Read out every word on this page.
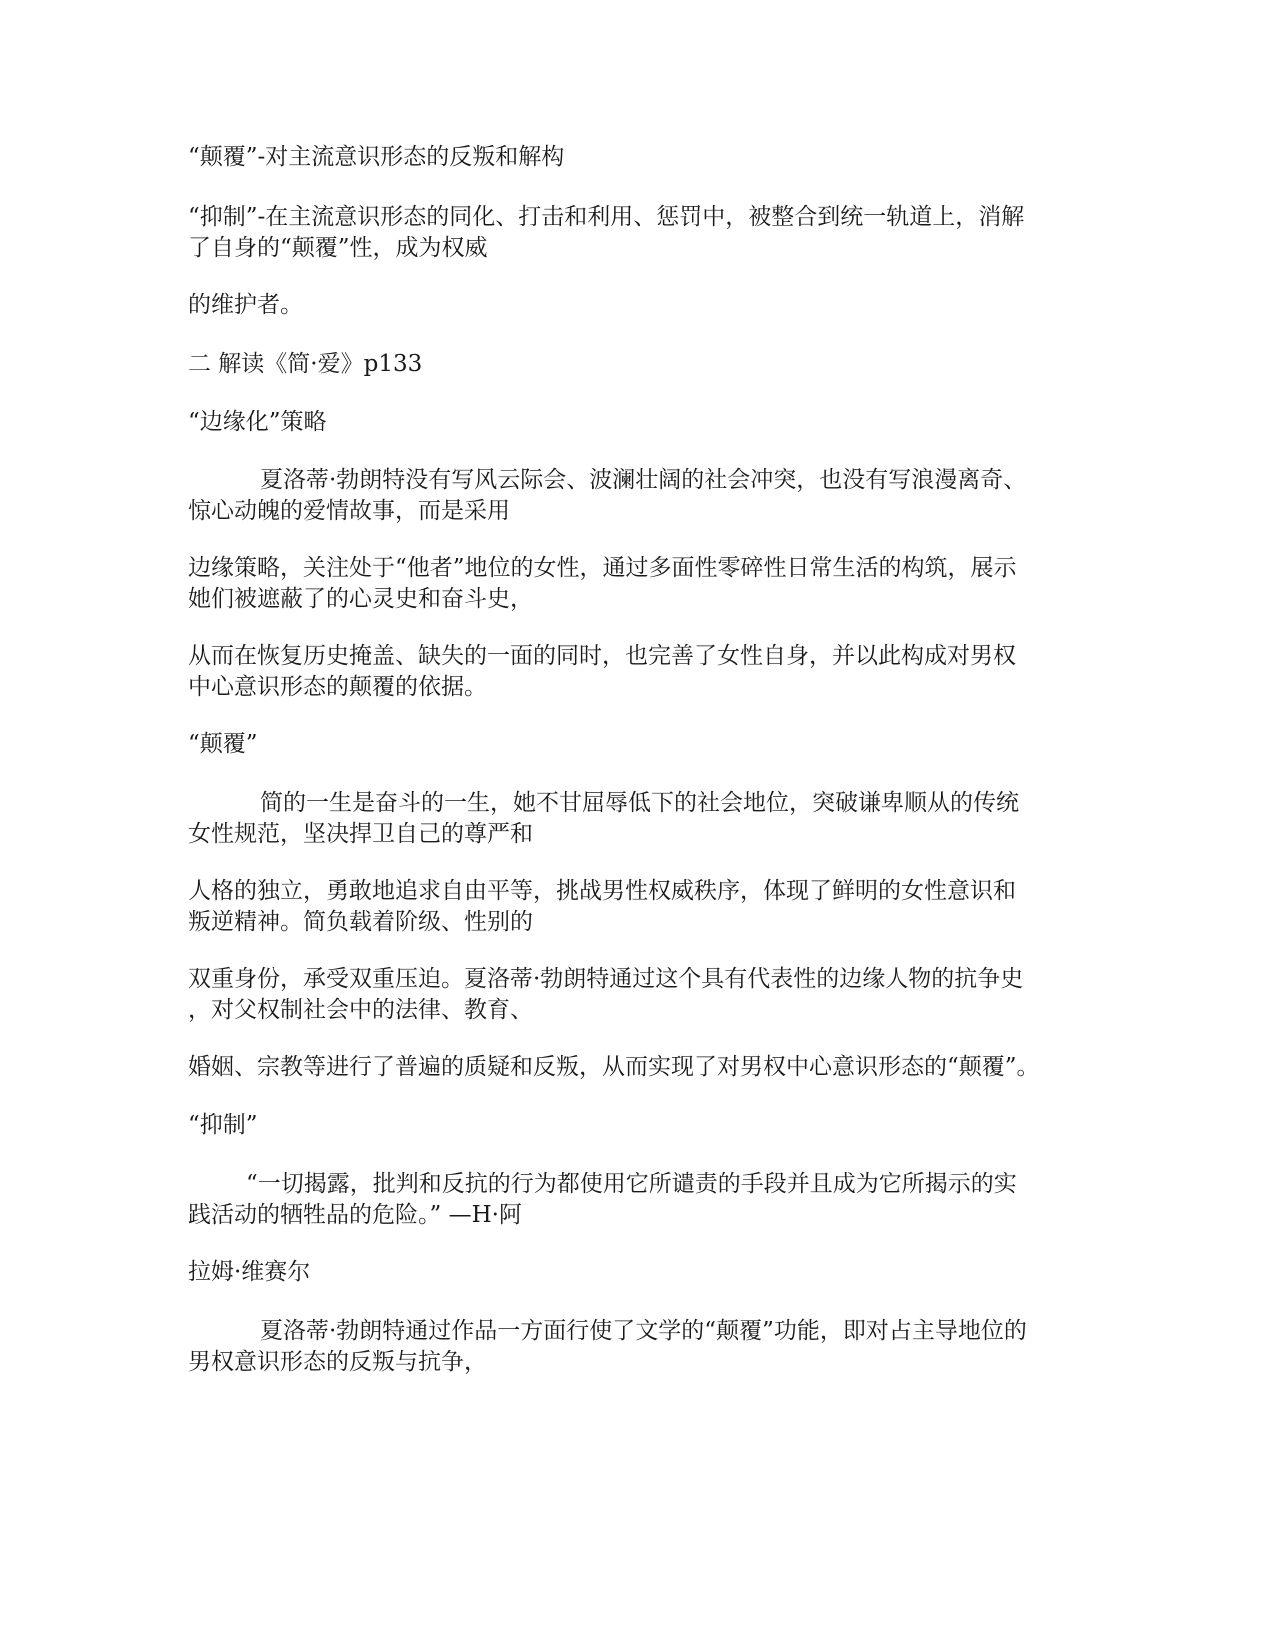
“颠覆”-对主流意识形态的反叛和解构

“抑制”-在主流意识形态的同化、打击和利用、惩罚中，被整合到统一轨道上，消解
了自身的“颠覆”性，成为权威

的维护者。

二 解读《简·爱》p133

“边缘化”策略

夏洛蒂·勃朗特没有写风云际会、波澜壮阔的社会冲突，也没有写浪漫离奇、
惊心动魄的爱情故事，而是采用

边缘策略，关注处于“他者”地位的女性，通过多面性零碎性日常生活的构筑，展示
她们被遮蔽了的心灵史和奋斗史，

从而在恢复历史掩盖、缺失的一面的同时，也完善了女性自身，并以此构成对男权
中心意识形态的颠覆的依据。

“颠覆”

简的一生是奋斗的一生，她不甘屈辱低下的社会地位，突破谦卑顺从的传统
女性规范，坚决捍卫自己的尊严和

人格的独立，勇敢地追求自由平等，挑战男性权威秩序，体现了鲜明的女性意识和
叛逆精神。简负载着阶级、性别的

双重身份，承受双重压迫。夏洛蒂·勃朗特通过这个具有代表性的边缘人物的抗争史
，对父权制社会中的法律、教育、

婚姻、宗教等进行了普遍的质疑和反叛，从而实现了对男权中心意识形态的“颠覆”。

“抑制”

“一切揭露，批判和反抗的行为都使用它所谴责的手段并且成为它所揭示的实
践活动的牺牲品的危险。” —H·阿

拉姆·维赛尔

夏洛蒂·勃朗特通过作品一方面行使了文学的“颠覆”功能，即对占主导地位的
男权意识形态的反叛与抗争，
